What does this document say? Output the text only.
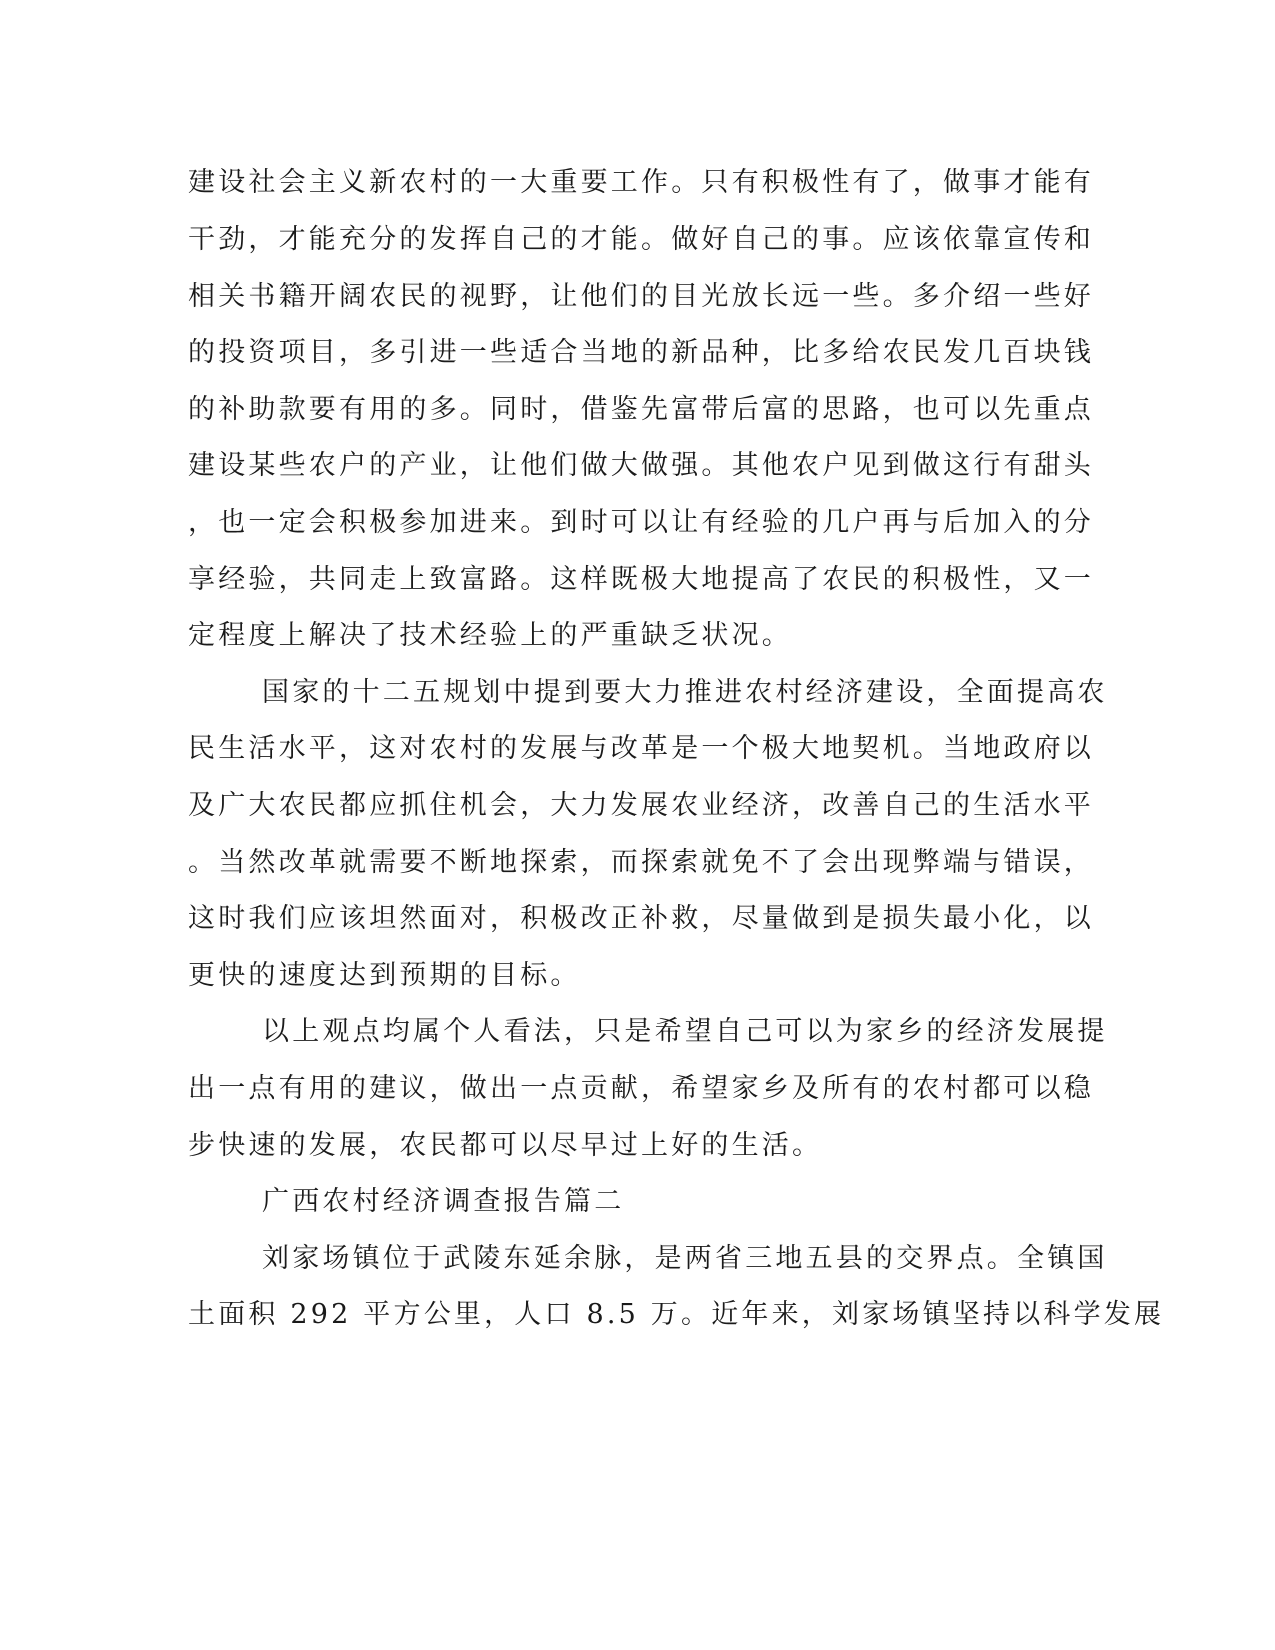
建设社会主义新农村的一大重要工作。只有积极性有了，做事才能有
干劲，才能充分的发挥自己的才能。做好自己的事。应该依靠宣传和
相关书籍开阔农民的视野，让他们的目光放长远一些。多介绍一些好
的投资项目，多引进一些适合当地的新品种，比多给农民发几百块钱
的补助款要有用的多。同时，借鉴先富带后富的思路，也可以先重点
建设某些农户的产业，让他们做大做强。其他农户见到做这行有甜头
，也一定会积极参加进来。到时可以让有经验的几户再与后加入的分
享经验，共同走上致富路。这样既极大地提高了农民的积极性，又一
定程度上解决了技术经验上的严重缺乏状况。
国家的十二五规划中提到要大力推进农村经济建设，全面提高农
民生活水平，这对农村的发展与改革是一个极大地契机。当地政府以
及广大农民都应抓住机会，大力发展农业经济，改善自己的生活水平
。当然改革就需要不断地探索，而探索就免不了会出现弊端与错误，
这时我们应该坦然面对，积极改正补救，尽量做到是损失最小化，以
更快的速度达到预期的目标。
以上观点均属个人看法，只是希望自己可以为家乡的经济发展提
出一点有用的建议，做出一点贡献，希望家乡及所有的农村都可以稳
步快速的发展，农民都可以尽早过上好的生活。
广西农村经济调查报告篇二
刘家场镇位于武陵东延余脉，是两省三地五县的交界点。全镇国
土面积 292 平方公里，人口 8.5 万。近年来，刘家场镇坚持以科学发展
